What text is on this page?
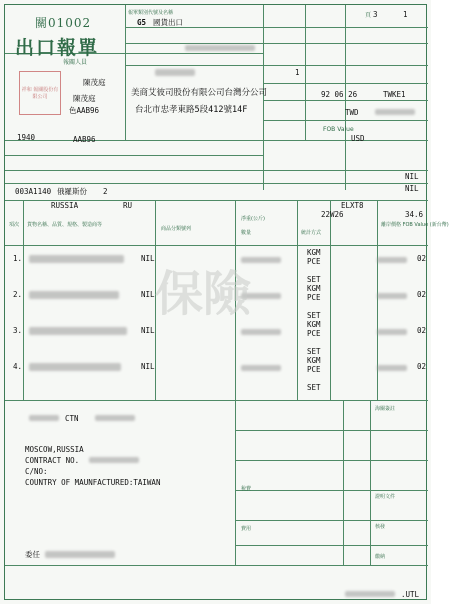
關01002
出口報單
報單類別代號及名稱
G5 國貨出口
頁 3	1
祥和 報關股份有限公司
報關人員
陳茂庭
陳茂庭
色AAB96
1940	AAB96
美商艾彼司股份有限公司台灣分公司
台北市忠孝東路5段412號14F
1
92 06 26	TWKE1
TWD
FOB Value
USD
NIL
NIL
003A1140 俄羅斯份 2
RUSSIA	RU	ELXT8
22W26	34.6
項次 貨物名稱、品質、規格、製造商等
商品分類號列
淨重(公斤)
數量	統計方式
離岸價格 FOB Value (新台幣)
1.	NIL
KGM
PCE
SET
02
2.	NIL
KGM
PCE
SET
02
3.	NIL
KGM
PCE
SET
02
4.	NIL
KGM
PCE
SET
02
保險
CTN
MOSCOW,RUSSIA
CONTRACT NO.
C/NO:
COUNTRY OF MAUNFACTURED:TAIWAN
委任
.UTL
海關簽註
稅費
費用
證明文件
核發
繳納
